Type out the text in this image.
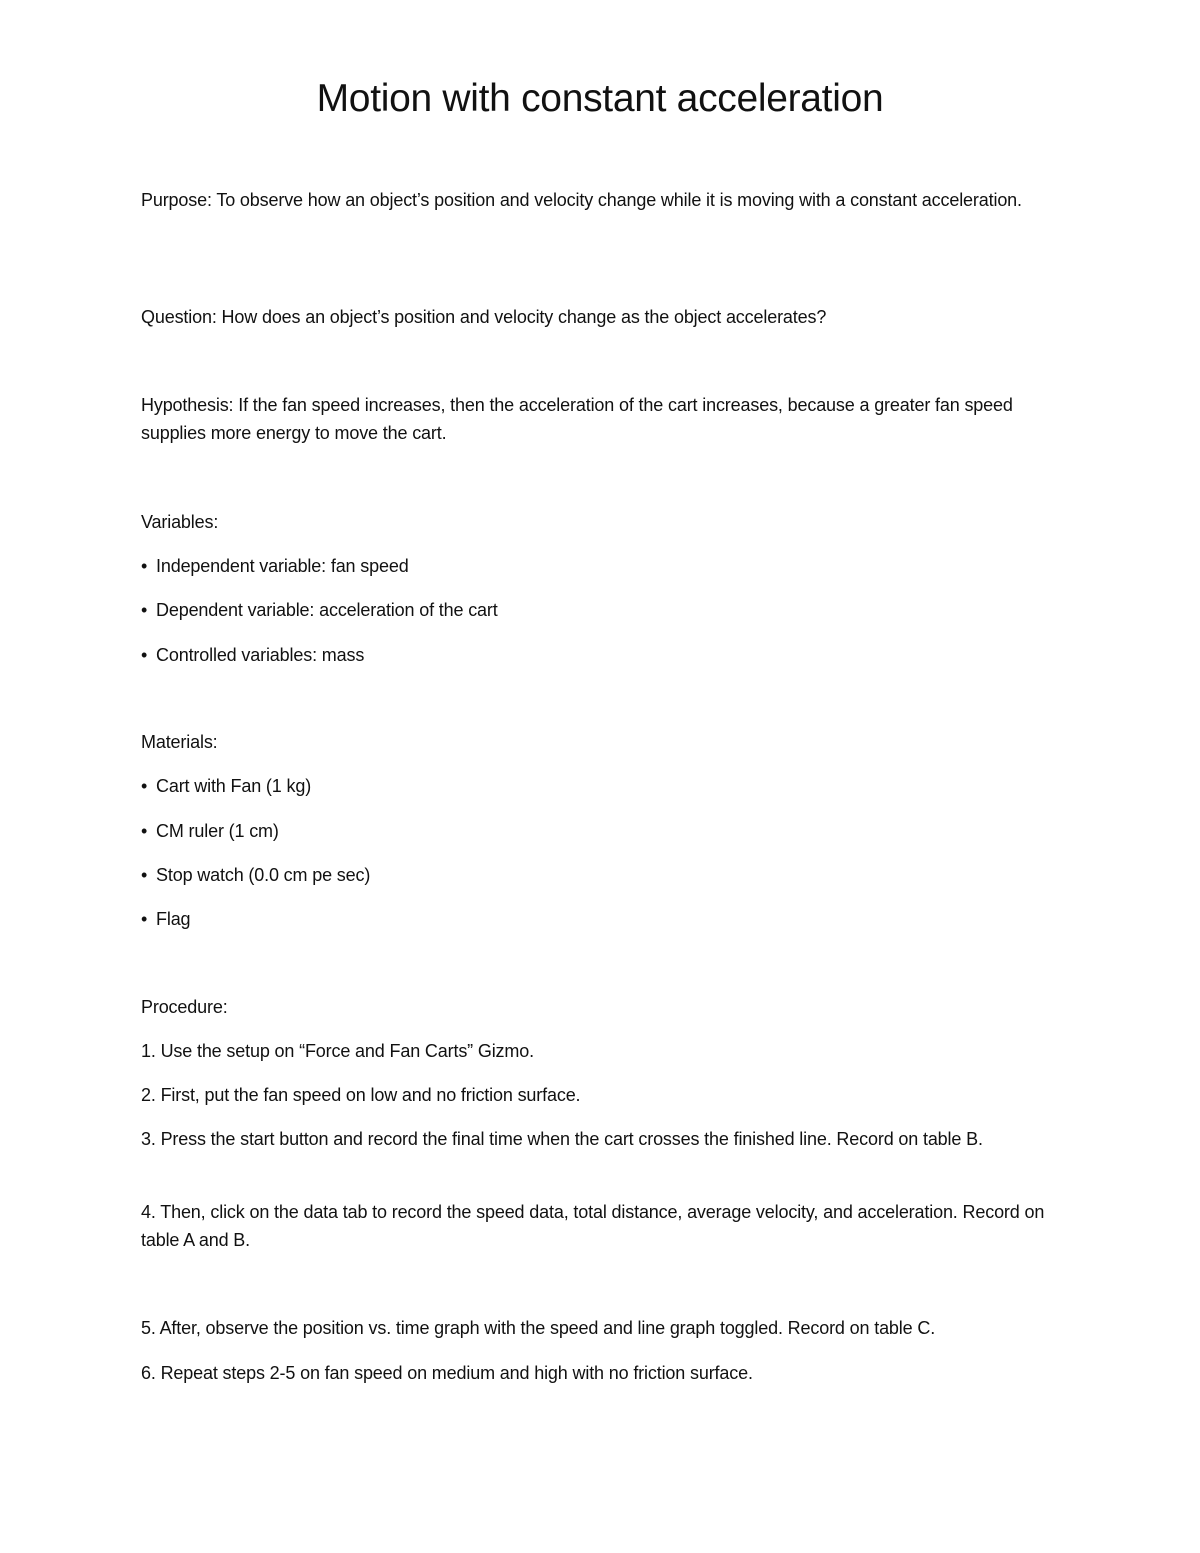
Motion with constant acceleration
Purpose: To observe how an object’s position and velocity change while it is moving with a constant acceleration.
Question: How does an object’s position and velocity change as the object accelerates?
Hypothesis: If the fan speed increases, then the acceleration of the cart increases, because a greater fan speed supplies more energy to move the cart.
Variables:
• Independent variable: fan speed
• Dependent variable: acceleration of the cart
• Controlled variables: mass
Materials:
• Cart with Fan (1 kg)
• CM ruler (1 cm)
• Stop watch (0.0 cm pe sec)
• Flag
Procedure:
1. Use the setup on “Force and Fan Carts” Gizmo.
2. First, put the fan speed on low and no friction surface.
3. Press the start button and record the final time when the cart crosses the finished line. Record on table B.
4. Then, click on the data tab to record the speed data, total distance, average velocity, and acceleration. Record on table A and B.
5. After, observe the position vs. time graph with the speed and line graph toggled. Record on table C.
6. Repeat steps 2-5 on fan speed on medium and high with no friction surface.
